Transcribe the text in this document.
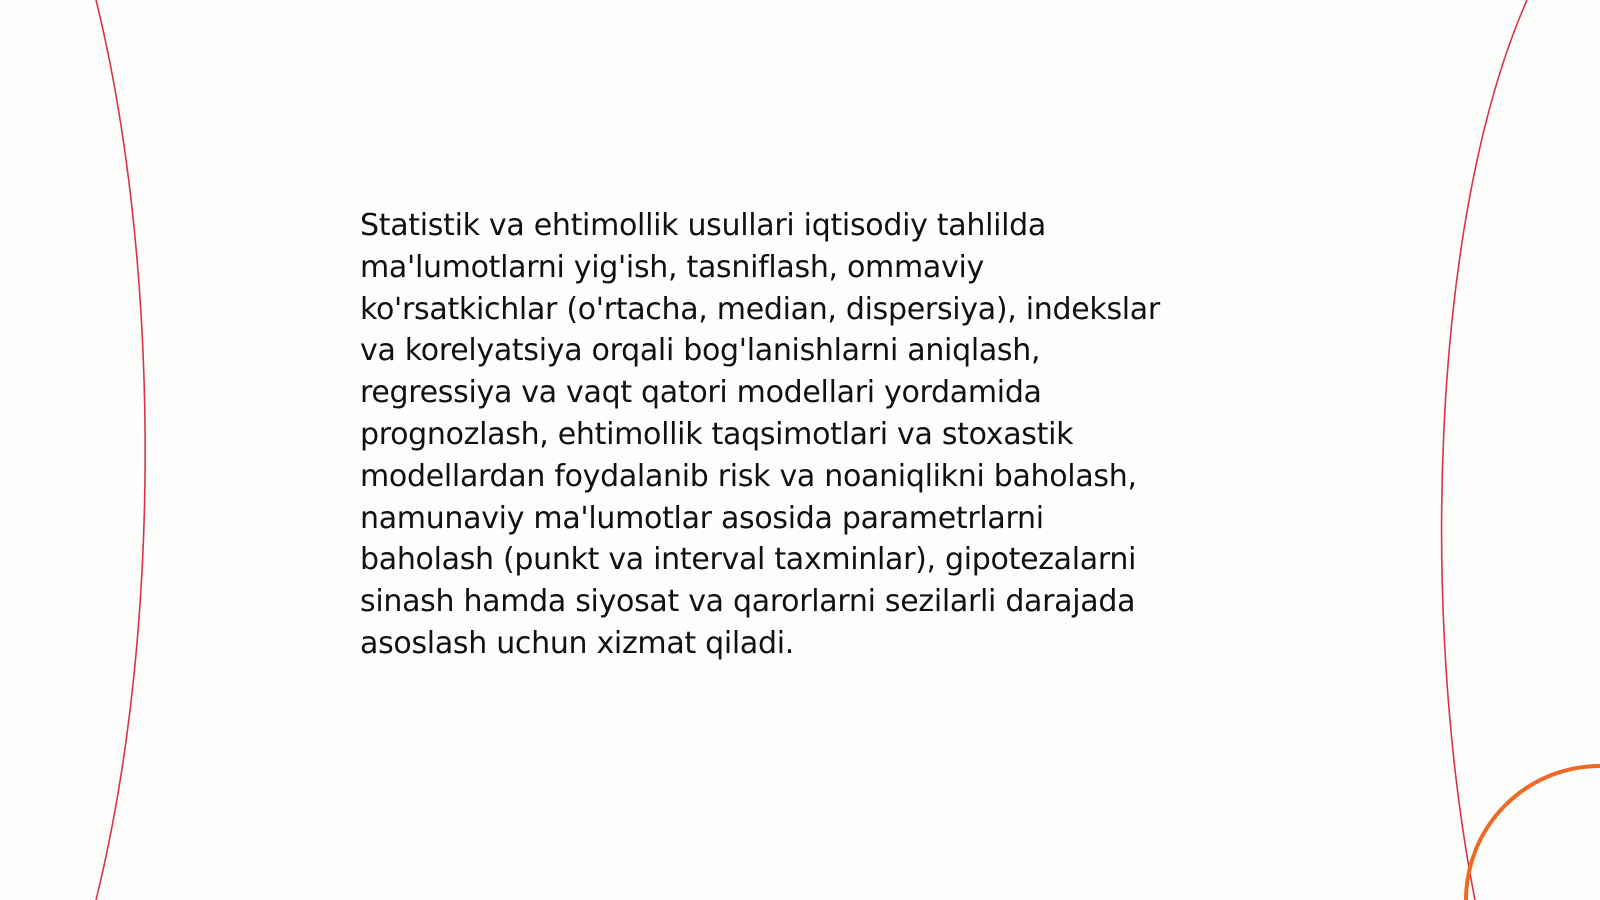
Statistik va ehtimollik usullari iqtisodiy tahlilda
ma'lumotlarni yig'ish, tasniflash, ommaviy
ko'rsatkichlar (o'rtacha, median, dispersiya), indekslar
va korelyatsiya orqali bog'lanishlarni aniqlash,
regressiya va vaqt qatori modellari yordamida
prognozlash, ehtimollik taqsimotlari va stoxastik
modellardan foydalanib risk va noaniqlikni baholash,
namunaviy ma'lumotlar asosida parametrlarni
baholash (punkt va interval taxminlar), gipotezalarni
sinash hamda siyosat va qarorlarni sezilarli darajada
asoslash uchun xizmat qiladi.
